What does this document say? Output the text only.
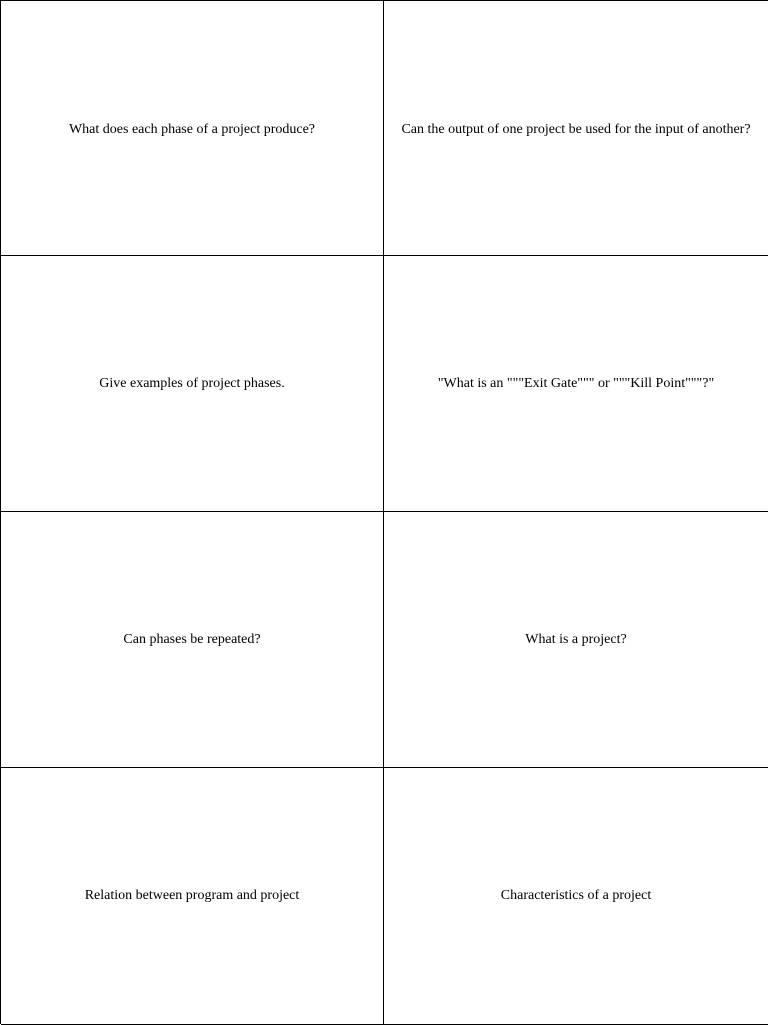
What does each phase of a project produce?	Can the output of one project be used for the input of another?
Give examples of project phases.	"What is an """Exit Gate""" or """Kill Point"""?"
Can phases be repeated?	What is a project?
Relation between program and project	Characteristics of a project
